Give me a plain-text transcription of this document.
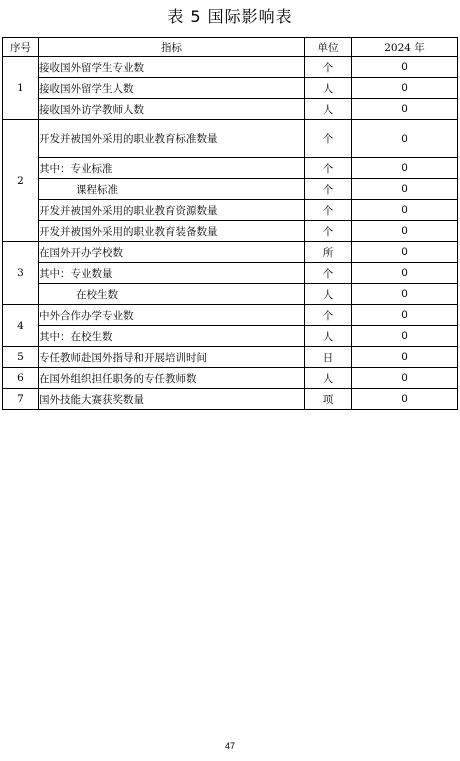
表 5 国际影响表
序号	指标	单位	2024 年
1	接收国外留学生专业数	个	0
	接收国外留学生人数	人	0
	接收国外访学教师人数	人	0
2	开发并被国外采用的职业教育标准数量	个	0
	其中：专业标准	个	0
	课程标准	个	0
	开发并被国外采用的职业教育资源数量	个	0
	开发并被国外采用的职业教育装备数量	个	0
3	在国外开办学校数	所	0
	其中：专业数量	个	0
	在校生数	人	0
4	中外合作办学专业数	个	0
	其中：在校生数	人	0
5	专任教师赴国外指导和开展培训时间	日	0
6	在国外组织担任职务的专任教师数	人	0
7	国外技能大赛获奖数量	项	0
47
